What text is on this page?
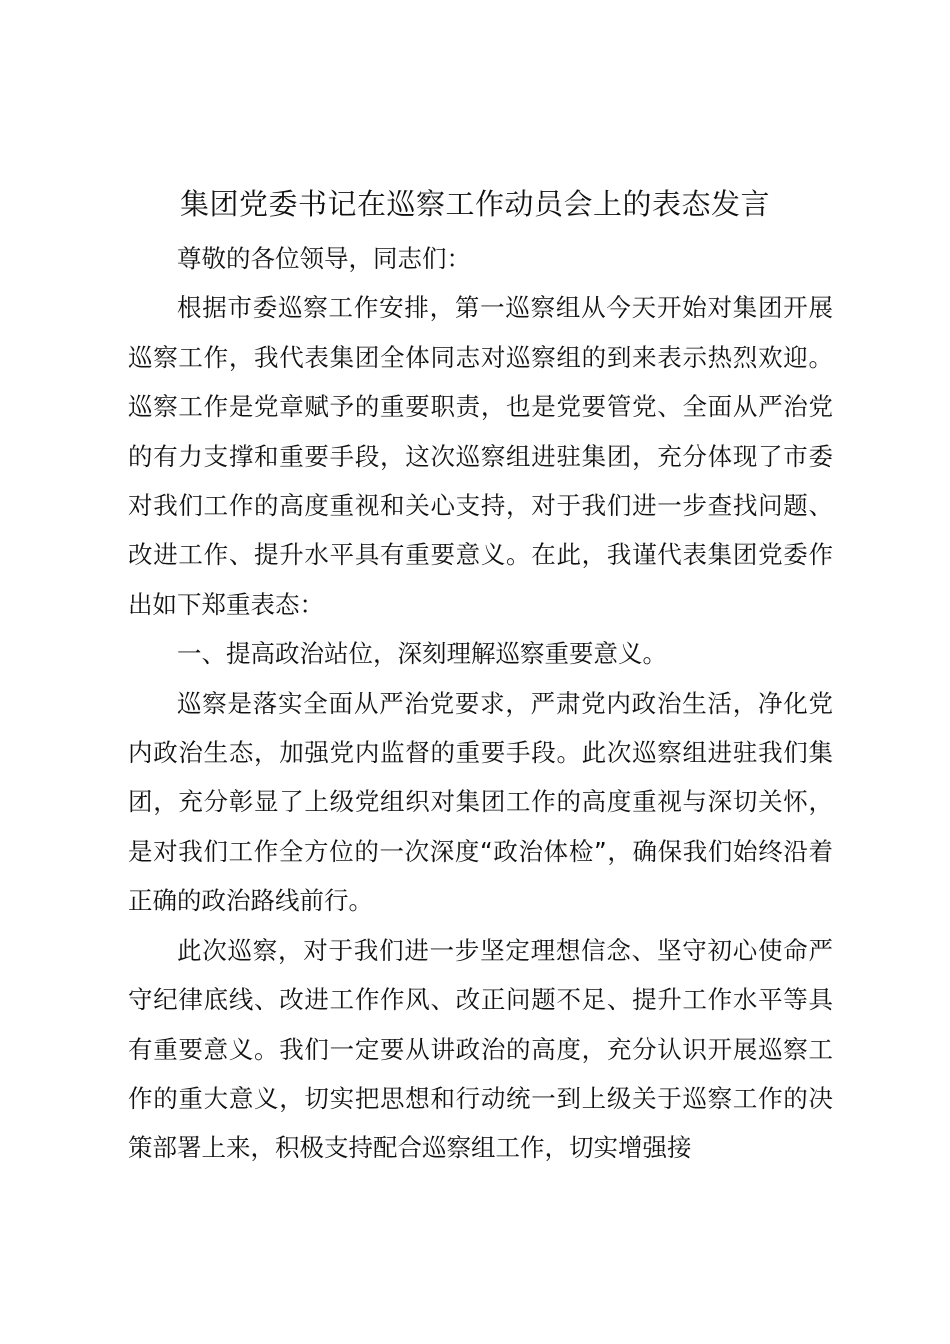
集团党委书记在巡察工作动员会上的表态发言

尊敬的各位领导，同志们：

根据市委巡察工作安排，第一巡察组从今天开始对集团开展巡察工作，我代表集团全体同志对巡察组的到来表示热烈欢迎。巡察工作是党章赋予的重要职责，也是党要管党、全面从严治党的有力支撑和重要手段，这次巡察组进驻集团，充分体现了市委对我们工作的高度重视和关心支持，对于我们进一步查找问题、改进工作、提升水平具有重要意义。在此，我谨代表集团党委作出如下郑重表态：

一、提高政治站位，深刻理解巡察重要意义。

巡察是落实全面从严治党要求，严肃党内政治生活，净化党内政治生态，加强党内监督的重要手段。此次巡察组进驻我们集团，充分彰显了上级党组织对集团工作的高度重视与深切关怀，是对我们工作全方位的一次深度“政治体检”，确保我们始终沿着正确的政治路线前行。

此次巡察，对于我们进一步坚定理想信念、坚守初心使命严守纪律底线、改进工作作风、改正问题不足、提升工作水平等具有重要意义。我们一定要从讲政治的高度，充分认识开展巡察工作的重大意义，切实把思想和行动统一到上级关于巡察工作的决策部署上来，积极支持配合巡察组工作，切实增强接
